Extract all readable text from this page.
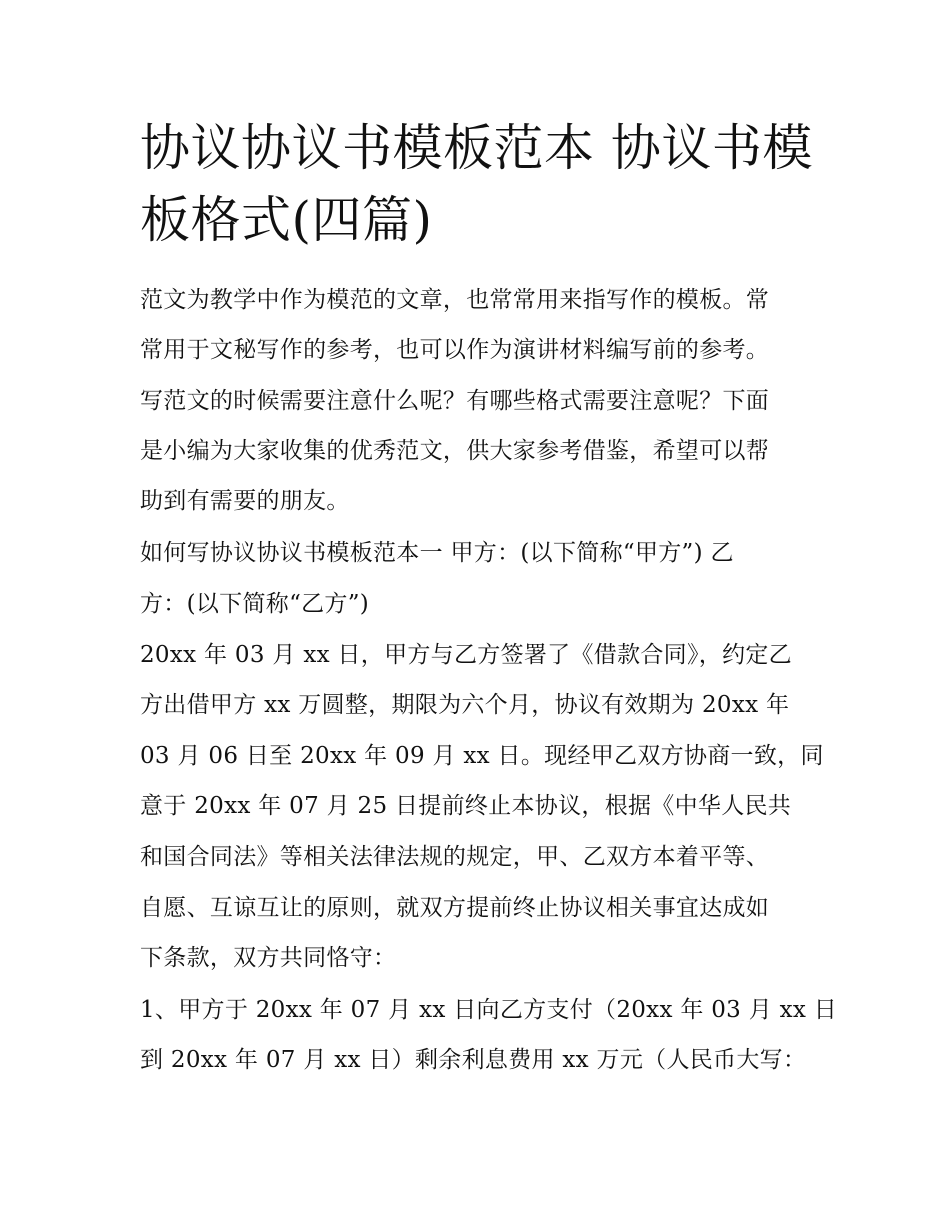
协议协议书模板范本 协议书模
板格式(四篇)

范文为教学中作为模范的文章，也常常用来指写作的模板。常

常用于文秘写作的参考，也可以作为演讲材料编写前的参考。

写范文的时候需要注意什么呢？有哪些格式需要注意呢？下面

是小编为大家收集的优秀范文，供大家参考借鉴，希望可以帮

助到有需要的朋友。

如何写协议协议书模板范本一 甲方：(以下简称“甲方”) 乙

方：(以下简称“乙方”)

20xx 年 03 月 xx 日，甲方与乙方签署了《借款合同》，约定乙

方出借甲方 xx 万圆整，期限为六个月，协议有效期为 20xx 年

03 月 06 日至 20xx 年 09 月 xx 日。现经甲乙双方协商一致，同

意于 20xx 年 07 月 25 日提前终止本协议，根据《中华人民共

和国合同法》等相关法律法规的规定，甲、乙双方本着平等、

自愿、互谅互让的原则，就双方提前终止协议相关事宜达成如

下条款，双方共同恪守：

1、甲方于 20xx 年 07 月 xx 日向乙方支付（20xx 年 03 月 xx 日

到 20xx 年 07 月 xx 日）剩余利息费用 xx 万元（人民币大写：
